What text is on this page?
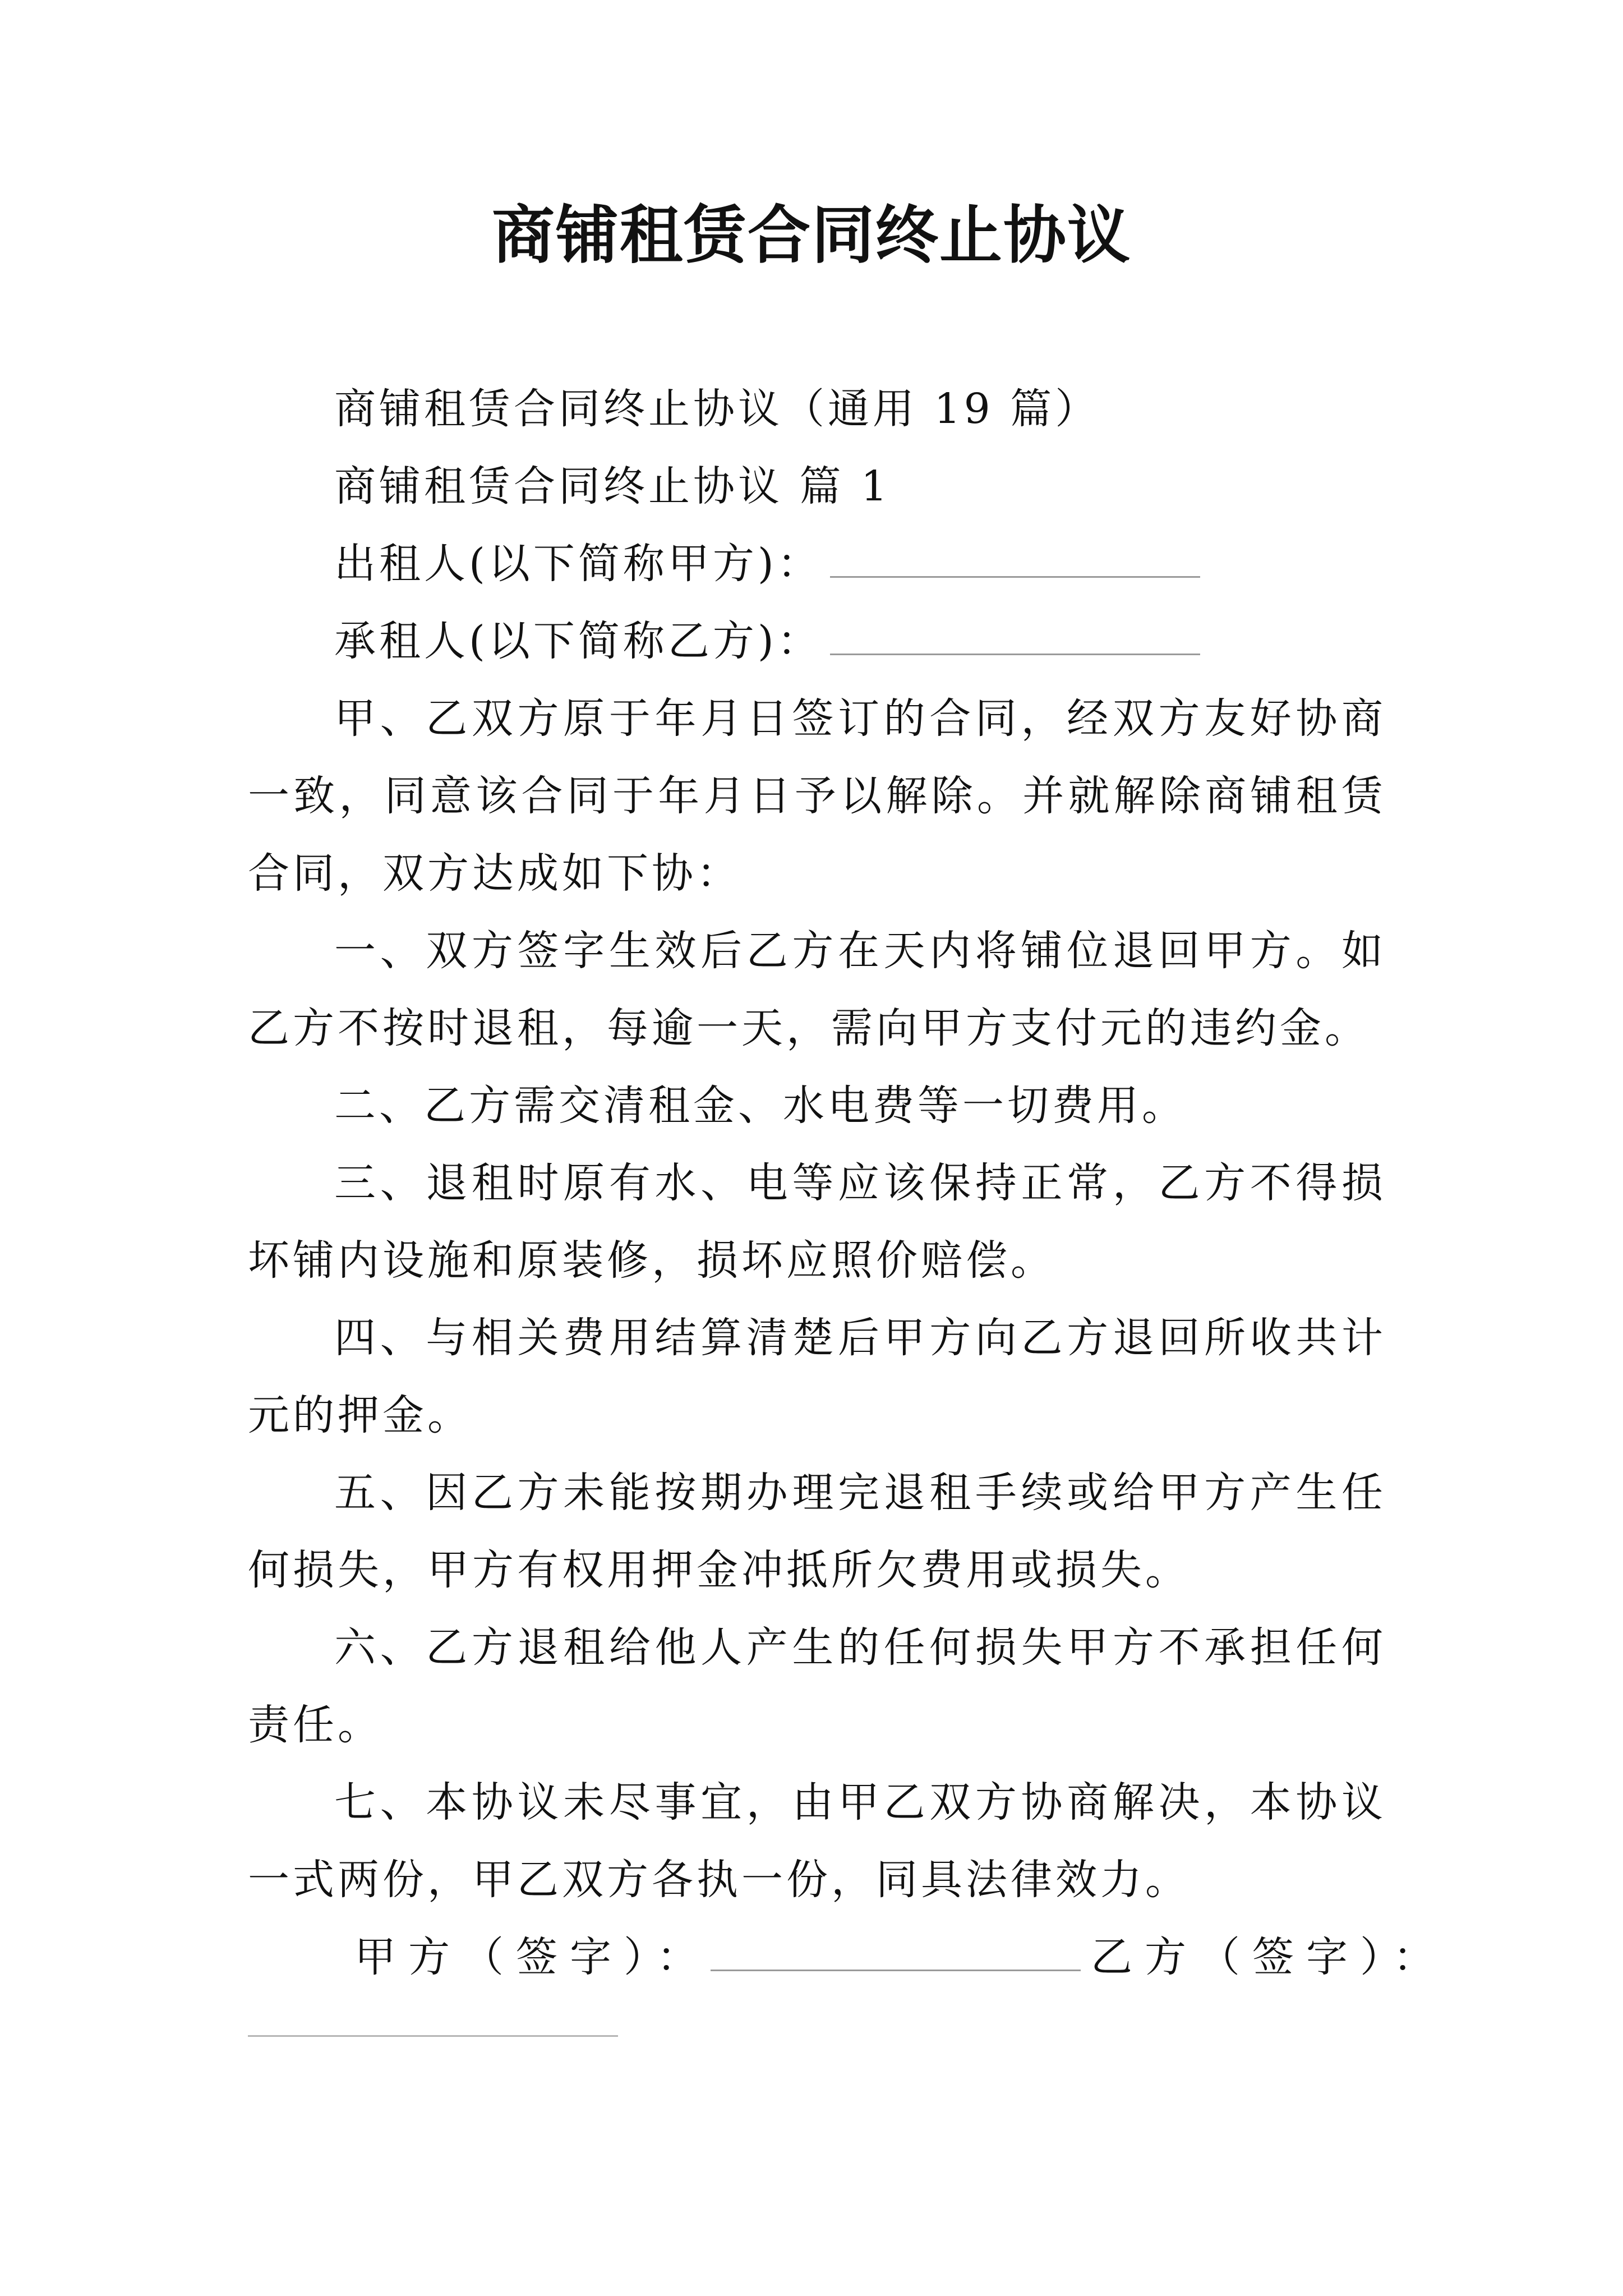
商铺租赁合同终止协议

商铺租赁合同终止协议（通用 19 篇）

商铺租赁合同终止协议 篇 1

出租人(以下简称甲方)：

承租人(以下简称乙方)：

甲、乙双方原于年月日签订的合同，经双方友好协商一致，同意该合同于年月日予以解除。并就解除商铺租赁合同，双方达成如下协：

一、双方签字生效后乙方在天内将铺位退回甲方。如乙方不按时退租，每逾一天，需向甲方支付元的违约金。

二、乙方需交清租金、水电费等一切费用。

三、退租时原有水、电等应该保持正常，乙方不得损坏铺内设施和原装修，损坏应照价赔偿。

四、与相关费用结算清楚后甲方向乙方退回所收共计元的押金。

五、因乙方未能按期办理完退租手续或给甲方产生任何损失，甲方有权用押金冲抵所欠费用或损失。

六、乙方退租给他人产生的任何损失甲方不承担任何责任。

七、本协议未尽事宜，由甲乙双方协商解决，本协议一式两份，甲乙双方各执一份，同具法律效力。

甲方（签字）：	乙方（签字）：
